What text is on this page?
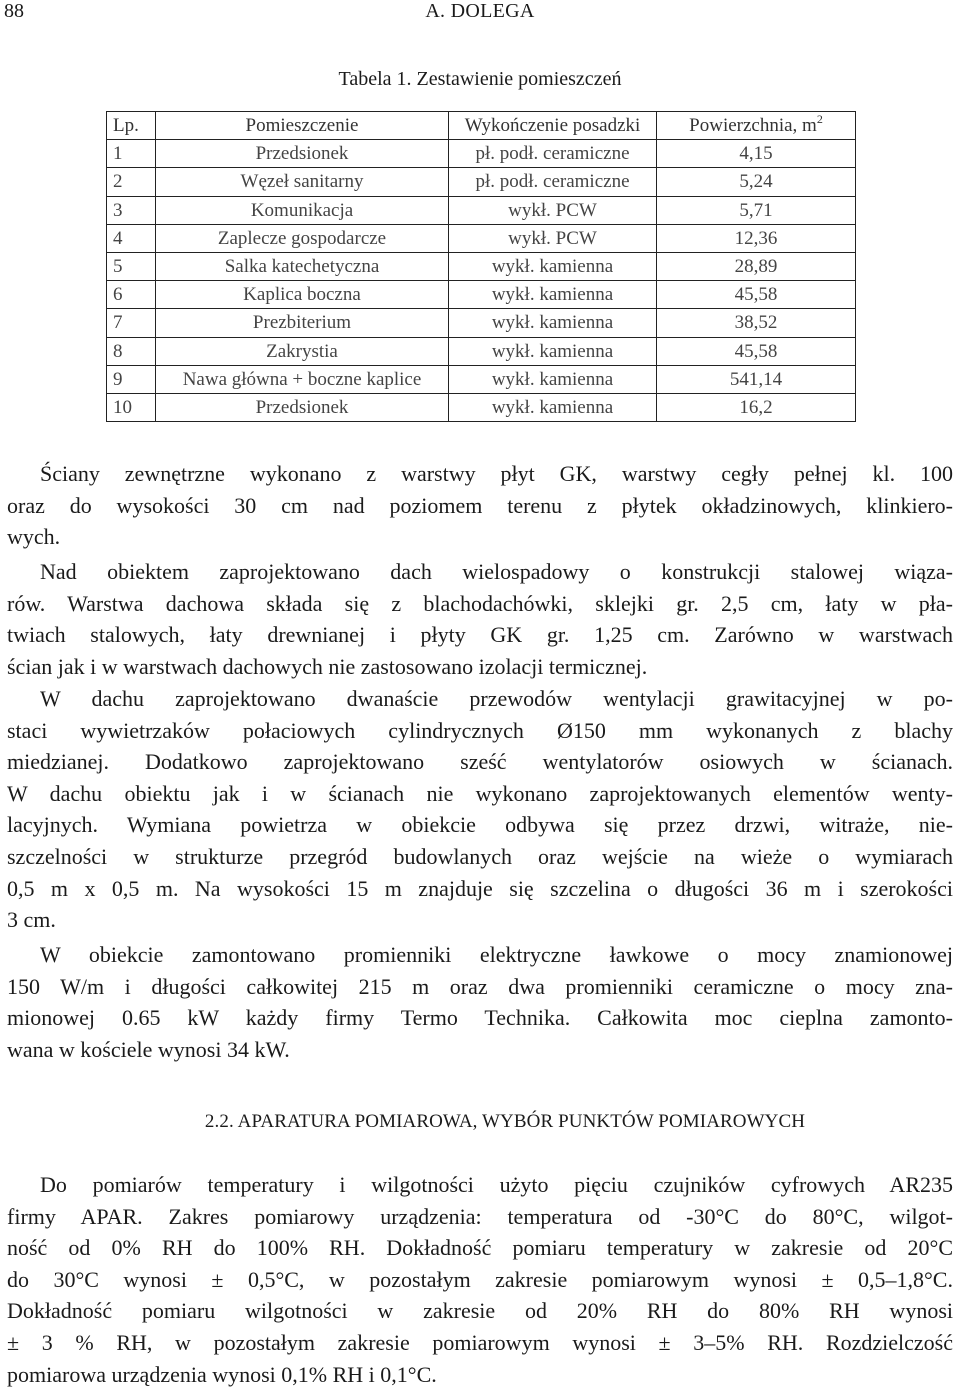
88	A. DOLEGA
Tabela 1. Zestawienie pomieszczeń
Lp.	Pomieszczenie	Wykończenie posadzki	Powierzchnia, $m^2$
1	Przedsionek	pł. podł. ceramiczne	4,15
2	Węzeł sanitarny	pł. podł. ceramiczne	5,24
3	Komunikacja	wykł. PCW	5,71
4	Zaplecze gospodarcze	wykł. PCW	12,36
5	Salka katechetyczna	wykł. kamienna	28,89
6	Kaplica boczna	wykł. kamienna	45,58
7	Prezbiterium	wykł. kamienna	38,52
8	Zakrystia	wykł. kamienna	45,58
9	Nawa główna + boczne kaplice	wykł. kamienna	541,14
10	Przedsionek	wykł. kamienna	16,2

Ściany zewnętrzne wykonano z warstwy płyt GK, warstwy cegły pełnej kl. 100
oraz do wysokości 30 cm nad poziomem terenu z płytek okładzinowych, klinkiero-
wych.

Nad obiektem zaprojektowano dach wielospadowy o konstrukcji stalowej wiąza-
rów. Warstwa dachowa składa się z blachodachówki, sklejki gr. 2,5 cm, łaty w pła-
twiach stalowych, łaty drewnianej i płyty GK gr. 1,25 cm. Zarówno w warstwach
ścian jak i w warstwach dachowych nie zastosowano izolacji termicznej.

W dachu zaprojektowano dwanaście przewodów wentylacji grawitacyjnej w po-
staci wywietrzaków połaciowych cylindrycznych Ø150 mm wykonanych z blachy
miedzianej. Dodatkowo zaprojektowano sześć wentylatorów osiowych w ścianach.
W dachu obiektu jak i w ścianach nie wykonano zaprojektowanych elementów wenty-
lacyjnych. Wymiana powietrza w obiekcie odbywa się przez drzwi, witraże, nie-
szczelności w strukturze przegród budowlanych oraz wejście na wieże o wymiarach
0,5 m x 0,5 m. Na wysokości 15 m znajduje się szczelina o długości 36 m i szerokości
3 cm.

W obiekcie zamontowano promienniki elektryczne ławkowe o mocy znamionowej
150 W/m i długości całkowitej 215 m oraz dwa promienniki ceramiczne o mocy zna-
mionowej 0.65 kW każdy firmy Termo Technika. Całkowita moc cieplna zamonto-
wana w kościele wynosi 34 kW.

2.2. APARATURA POMIAROWA, WYBÓR PUNKTÓW POMIAROWYCH

Do pomiarów temperatury i wilgotności użyto pięciu czujników cyfrowych AR235
firmy APAR. Zakres pomiarowy urządzenia: temperatura od -30°C do 80°C, wilgot-
ność od 0% RH do 100% RH. Dokładność pomiaru temperatury w zakresie od 20°C
do 30°C wynosi ± 0,5°C, w pozostałym zakresie pomiarowym wynosi ± 0,5–1,8°C.
Dokładność pomiaru wilgotności w zakresie od 20% RH do 80% RH wynosi
± 3 % RH, w pozostałym zakresie pomiarowym wynosi ± 3–5% RH. Rozdzielczość
pomiarowa urządzenia wynosi 0,1% RH i 0,1°C.
